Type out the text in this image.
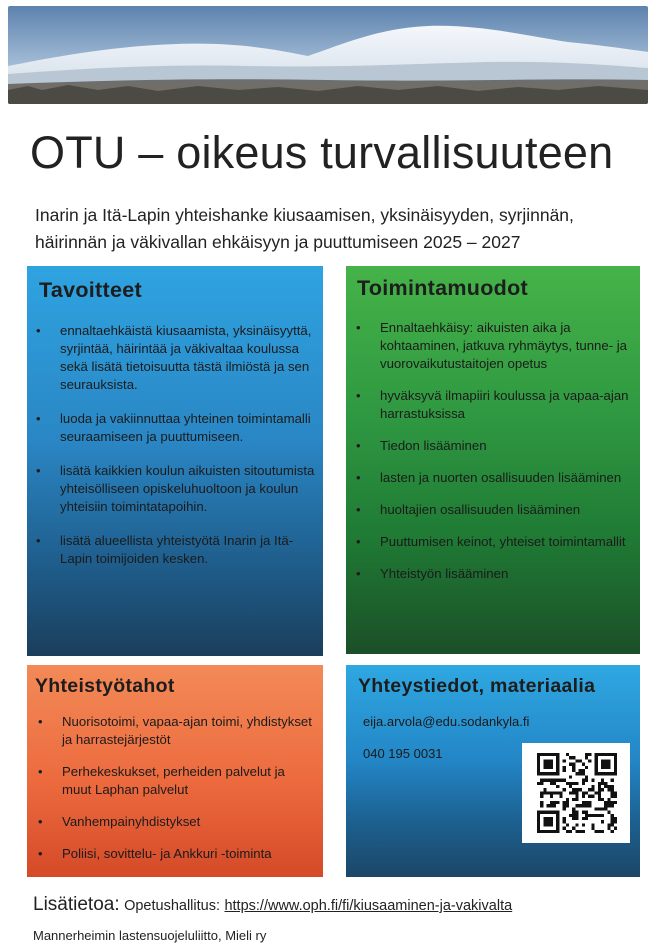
OTU – oikeus turvallisuuteen

Inarin ja Itä-Lapin yhteishanke kiusaamisen, yksinäisyyden, syrjinnän, häirinnän ja väkivallan ehkäisyyn ja puuttumiseen 2025 – 2027

Tavoitteet
• ennaltaehkäistä kiusaamista, yksinäisyyttä, syrjintää, häirintää ja väkivaltaa koulussa sekä lisätä tietoisuutta tästä ilmiöstä ja sen seurauksista.
• luoda ja vakiinnuttaa yhteinen toimintamalli seuraamiseen ja puuttumiseen.
• lisätä kaikkien koulun aikuisten sitoutumista yhteisölliseen opiskeluhuoltoon ja koulun yhteisiin toimintatapoihin.
• lisätä alueellista yhteistyötä Inarin ja Itä-Lapin toimijoiden kesken.
Toimintamuodot
• Ennaltaehkäisy: aikuisten aika ja kohtaaminen, jatkuva ryhmäytys, tunne- ja vuorovaikutustaitojen opetus
• hyväksyvä ilmapiiri koulussa ja vapaa-ajan harrastuksissa
• Tiedon lisääminen
• lasten ja nuorten osallisuuden lisääminen
• huoltajien osallisuuden lisääminen
• Puuttumisen keinot, yhteiset toimintamallit
• Yhteistyön lisääminen
Yhteistyötahot
• Nuorisotoimi, vapaa-ajan toimi, yhdistykset ja harrastejärjestöt
• Perhekeskukset, perheiden palvelut ja muut Laphan palvelut
• Vanhempainyhdistykset
• Poliisi, sovittelu- ja Ankkuri -toiminta
Yhteystiedot, materiaalia
eija.arvola@edu.sodankyla.fi
040 195 0031
Lisätietoa: Opetushallitus: https://www.oph.fi/fi/kiusaaminen-ja-vakivalta
Mannerheimin lastensuojeluliitto, Mieli ry
